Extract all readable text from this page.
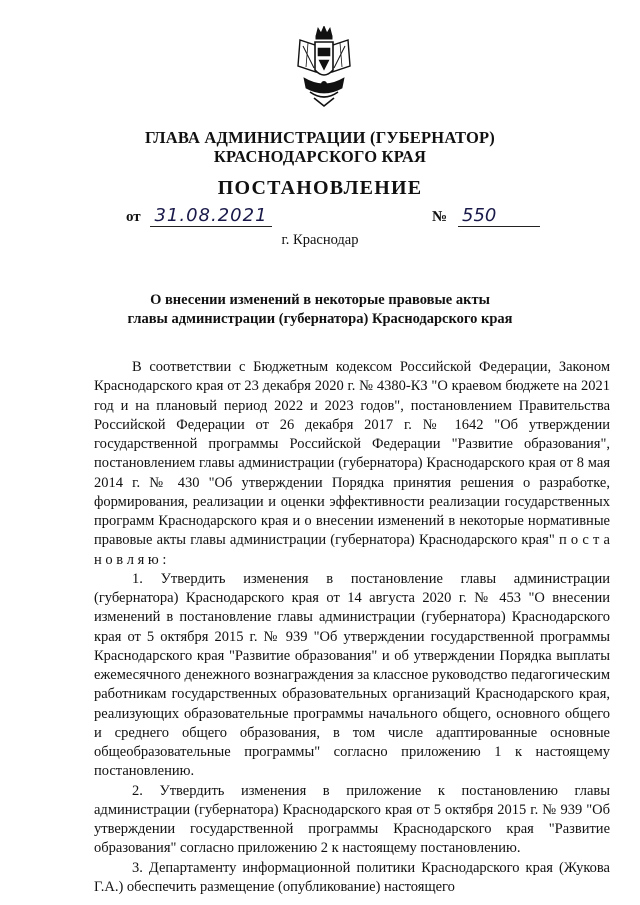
ГЛАВА АДМИНИСТРАЦИИ (ГУБЕРНАТОР)
КРАСНОДАРСКОГО КРАЯ
ПОСТАНОВЛЕНИЕ
от 31.08.2021	№ 550
г. Краснодар
О внесении изменений в некоторые правовые акты
главы администрации (губернатора) Краснодарского края

В соответствии с Бюджетным кодексом Российской Федерации, Законом Краснодарского края от 23 декабря 2020 г. № 4380-КЗ "О краевом бюджете на 2021 год и на плановый период 2022 и 2023 годов", постановлением Правительства Российской Федерации от 26 декабря 2017 г. № 1642 "Об утверждении государственной программы Российской Федерации "Развитие образования", постановлением главы администрации (губернатора) Краснодарского края от 8 мая 2014 г. № 430 "Об утверждении Порядка принятия решения о разработке, формирования, реализации и оценки эффективности реализации государственных программ Краснодарского края и о внесении изменений в некоторые нормативные правовые акты главы администрации (губернатора) Краснодарского края" п о с т а н о в л я ю :

1. Утвердить изменения в постановление главы администрации (губернатора) Краснодарского края от 14 августа 2020 г. № 453 "О внесении изменений в постановление главы администрации (губернатора) Краснодарского края от 5 октября 2015 г. № 939 "Об утверждении государственной программы Краснодарского края "Развитие образования" и об утверждении Порядка выплаты ежемесячного денежного вознаграждения за классное руководство педагогическим работникам государственных образовательных организаций Краснодарского края, реализующих образовательные программы начального общего, основного общего и среднего общего образования, в том числе адаптированные основные общеобразовательные программы" согласно приложению 1 к настоящему постановлению.

2. Утвердить изменения в приложение к постановлению главы администрации (губернатора) Краснодарского края от 5 октября 2015 г. № 939 "Об утверждении государственной программы Краснодарского края "Развитие образования" согласно приложению 2 к настоящему постановлению.

3. Департаменту информационной политики Краснодарского края (Жукова Г.А.) обеспечить размещение (опубликование) настоящего
